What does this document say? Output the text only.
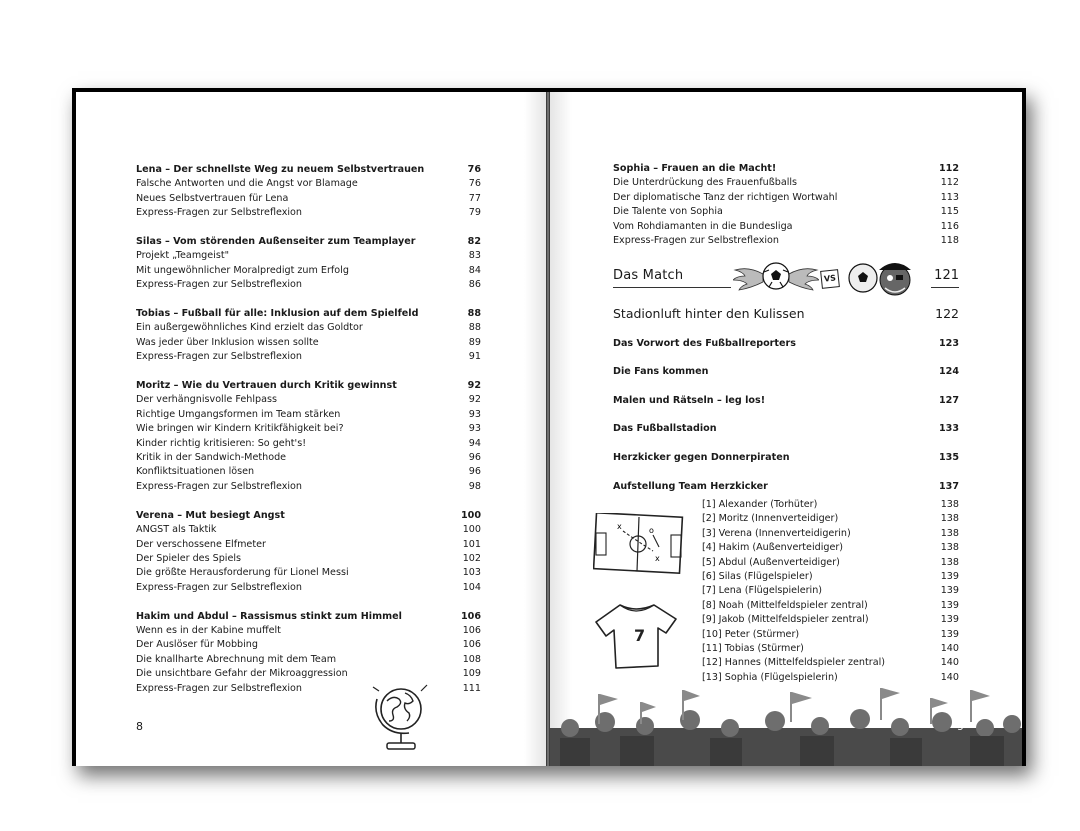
Lena – Der schnellste Weg zu neuem Selbstvertrauen	76
Falsche Antworten und die Angst vor Blamage	76
Neues Selbstvertrauen für Lena	77
Express-Fragen zur Selbstreflexion	79
Silas – Vom störenden Außenseiter zum Teamplayer	82
Projekt „Teamgeist"	83
Mit ungewöhnlicher Moralpredigt zum Erfolg	84
Express-Fragen zur Selbstreflexion	86
Tobias – Fußball für alle: Inklusion auf dem Spielfeld	88
Ein außergewöhnliches Kind erzielt das Goldtor	88
Was jeder über Inklusion wissen sollte	89
Express-Fragen zur Selbstreflexion	91
Moritz – Wie du Vertrauen durch Kritik gewinnst	92
Der verhängnisvolle Fehlpass	92
Richtige Umgangsformen im Team stärken	93
Wie bringen wir Kindern Kritikfähigkeit bei?	93
Kinder richtig kritisieren: So geht's!	94
Kritik in der Sandwich-Methode	96
Konfliktsituationen lösen	96
Express-Fragen zur Selbstreflexion	98
Verena – Mut besiegt Angst	100
ANGST als Taktik	100
Der verschossene Elfmeter	101
Der Spieler des Spiels	102
Die größte Herausforderung für Lionel Messi	103
Express-Fragen zur Selbstreflexion	104
Hakim und Abdul – Rassismus stinkt zum Himmel	106
Wenn es in der Kabine muffelt	106
Der Auslöser für Mobbing	106
Die knallharte Abrechnung mit dem Team	108
Die unsichtbare Gefahr der Mikroaggression	109
Express-Fragen zur Selbstreflexion	111
8
Sophia – Frauen an die Macht!	112
Die Unterdrückung des Frauenfußballs	112
Der diplomatische Tanz der richtigen Wortwahl	113
Die Talente von Sophia	115
Vom Rohdiamanten in die Bundesliga	116
Express-Fragen zur Selbstreflexion	118
Das Match	VS	121
Stadionluft hinter den Kulissen	122
Das Vorwort des Fußballreporters	123
Die Fans kommen	124
Malen und Rätseln – leg los!	127
Das Fußballstadion	133
Herzkicker gegen Donnerpiraten	135
Aufstellung Team Herzkicker	137
x	o
x
7
[1] Alexander (Torhüter)	138
[2] Moritz (Innenverteidiger)	138
[3] Verena (Innenverteidigerin)	138
[4] Hakim (Außenverteidiger)	138
[5] Abdul (Außenverteidiger)	138
[6] Silas (Flügelspieler)	139
[7] Lena (Flügelspielerin)	139
[8] Noah (Mittelfeldspieler zentral)	139
[9] Jakob (Mittelfeldspieler zentral)	139
[10] Peter (Stürmer)	139
[11] Tobias (Stürmer)	140
[12] Hannes (Mittelfeldspieler zentral)	140
[13] Sophia (Flügelspielerin)	140
9
